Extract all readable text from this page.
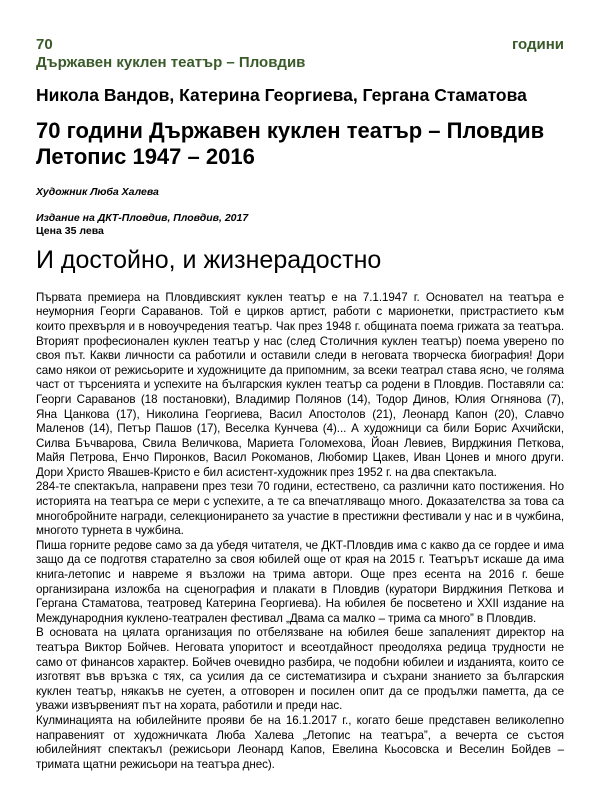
70	години
Държавен куклен театър – Пловдив
Никола Вандов, Катерина Георгиева, Гергана Стаматова
70 години Държавен куклен театър – Пловдив
Летопис 1947 – 2016
Художник Люба Халева
Издание на ДКТ-Пловдив, Пловдив, 2017
Цена 35 лева
И достойно, и жизнерадостно

Първата премиера на Пловдивският куклен театър е на 7.1.1947 г. Основател на театъра е неуморния Георги Сараванов. Той е цирков артист, работи с марионетки, пристрастието към които прехвърля и в новоучредения театър. Чак през 1948 г. общината поема грижата за театъра. Вторият професионален куклен театър у нас (след Столичния куклен театър) поема уверено по своя път. Какви личности са работили и оставили следи в неговата творческа биография! Дори само някои от режисьорите и художниците да припомним, за всеки театрал става ясно, че голяма част от търсенията и успехите на българския куклен театър са родени в Пловдив. Поставяли са: Георги Сараванов (18 постановки), Владимир Полянов (14), Тодор Динов, Юлия Огнянова (7), Яна Цанкова (17), Николина Георгиева, Васил Апостолов (21), Леонард Капон (20), Славчо Маленов (14), Петър Пашов (17), Веселка Кунчева (4)... А художници са били Борис Ахчийски, Силва Бъчварова, Свила Величкова, Мариета Голомехова, Йоан Левиев, Вирджиния Петкова, Майя Петрова, Енчо Пиронков, Васил Рокоманов, Любомир Цакев, Иван Цонев и много други. Дори Христо Явашев-Кристо е бил асистент-художник през 1952 г. на два спектакъла.

284-те спектакъла, направени през тези 70 години, естествено, са различни като постижения. Но историята на театъра се мери с успехите, а те са впечатляващо много. Доказателства за това са многобройните награди, селекционирането за участие в престижни фестивали у нас и в чужбина, многото турнета в чужбина.

Пиша горните редове само за да убедя читателя, че ДКТ-Пловдив има с какво да се гордее и има защо да се подготвя старателно за своя юбилей още от края на 2015 г. Театърът искаше да има книга-летопис и навреме я възложи на трима автори. Още през есента на 2016 г. беше организирана изложба на сценография и плакати в Пловдив (куратори Вирджиния Петкова и Гергана Стаматова, театровед Катерина Георгиева). На юбилея бе посветено и XXII издание на Международния куклено-театрален фестивал „Двама са малко – трима са много” в Пловдив.

В основата на цялата организация по отбелязване на юбилея беше запаленият директор на театъра Виктор Бойчев. Неговата упоритост и всеотдайност преодоляха редица трудности не само от финансов характер. Бойчев очевидно разбира, че подобни юбилеи и изданията, които се изготвят във връзка с тях, са усилия да се систематизира и съхрани знанието за българския куклен театър, някакъв не суетен, а отговорен и посилен опит да се продължи паметта, да се уважи извървеният път на хората, работили и преди нас.

Кулминацията на юбилейните прояви бе на 16.1.2017 г., когато беше представен великолепно направеният от художничката Люба Халева „Летопис на театъра”, а вечерта се състоя юбилейният спектакъл (режисьори Леонард Капов, Евелина Кьосовска и Веселин Бойдев – тримата щатни режисьори на театъра днес).
